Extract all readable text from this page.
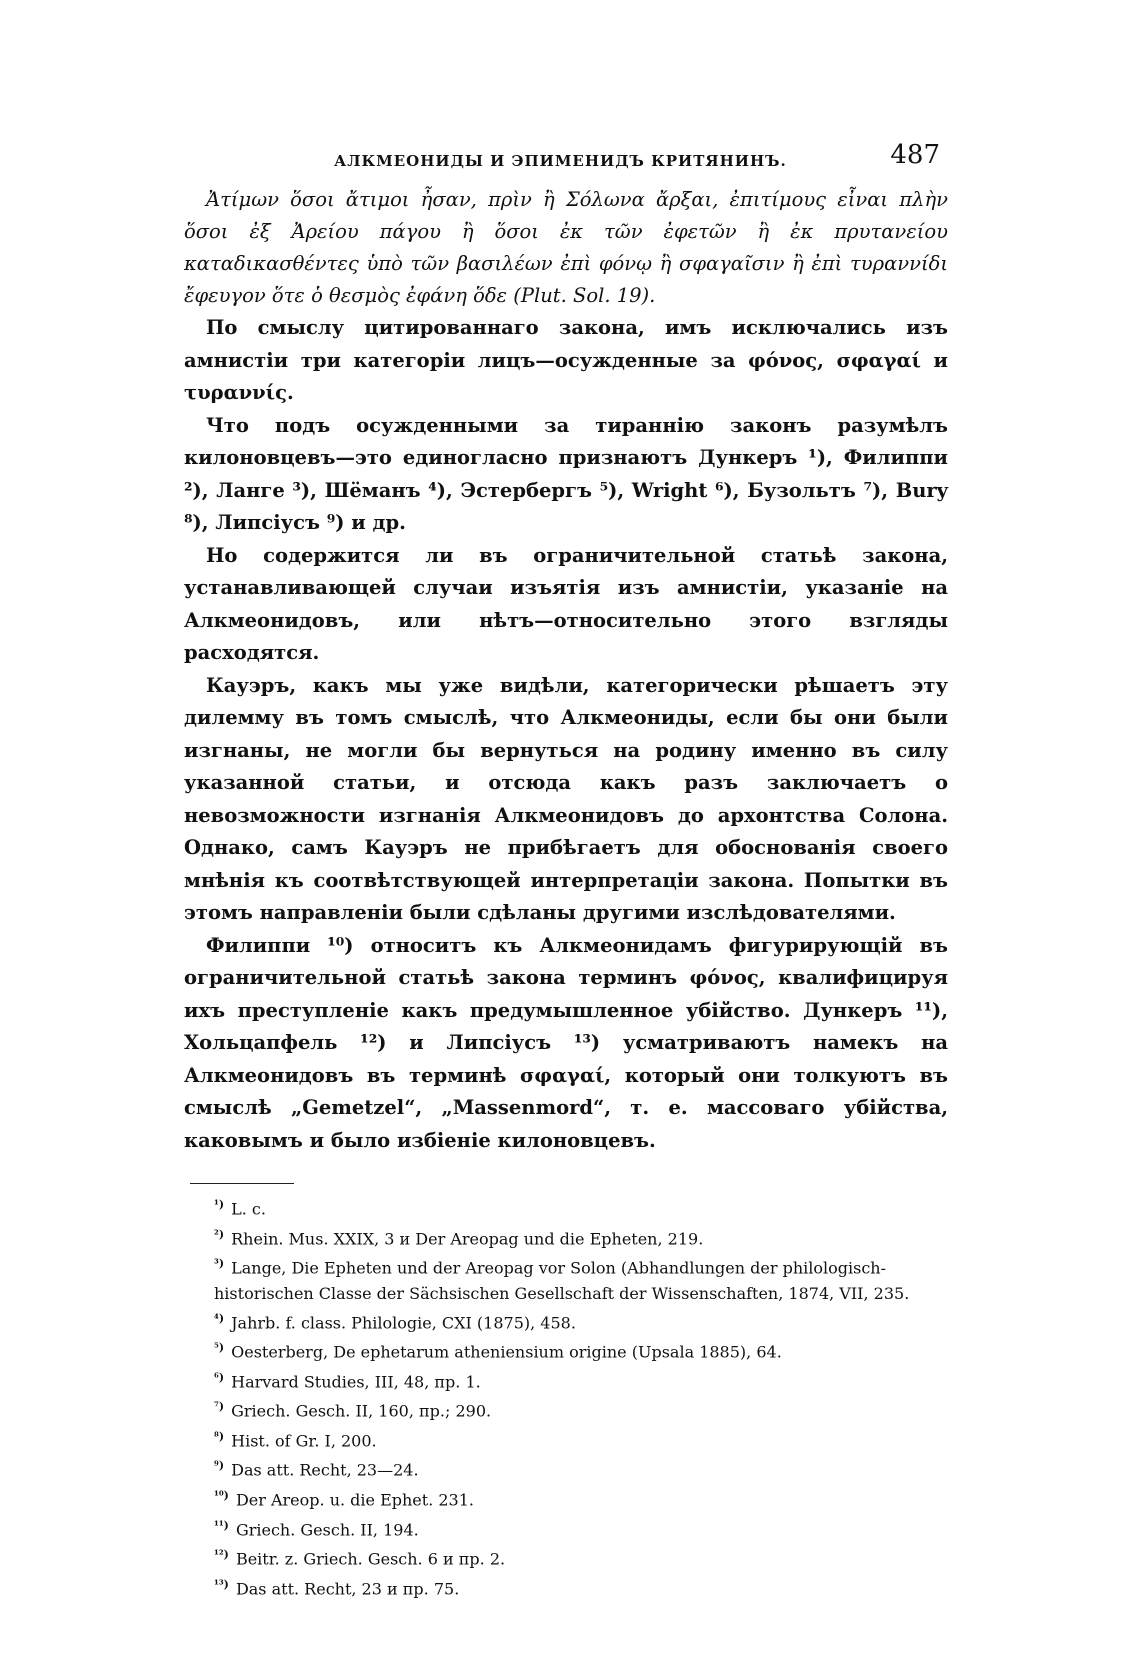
АЛКМЕОНИДЫ И ЭПИМЕНИДЪ КРИТЯНИНЪ.	487

Ἀτίμων ὅσοι ἄτιμοι ἦσαν, πρὶν ἢ Σόλωνα ἄρξαι, ἐπιτίμους εἶναι πλὴν ὅσοι ἐξ Ἀρείου πάγου ἢ ὅσοι ἐκ τῶν ἐφετῶν ἢ ἐκ πρυτανείου καταδικασθέντες ὑπὸ τῶν βασιλέων ἐπὶ φόνῳ ἢ σφαγαῖσιν ἢ ἐπὶ τυραννίδι ἔφευγον ὅτε ὁ θεσμὸς ἐφάνη ὅδε (Plut. Sol. 19).

По смыслу цитированнаго закона, имъ исключались изъ амнистіи три категоріи лицъ—осужденные за φόνος, σφαγαί и τυραννίς.

Что подъ осужденными за тираннію законъ разумѣлъ килоновцевъ—это единогласно признаютъ Дункеръ ¹), Филиппи ²), Ланге ³), Шёманъ ⁴), Эстербергъ ⁵), Wright ⁶), Бузольтъ ⁷), Bury ⁸), Липсіусъ ⁹) и др.

Но содержится ли въ ограничительной статьѣ закона, устанавливающей случаи изъятія изъ амнистіи, указаніе на Алкмеонидовъ, или нѣтъ—относительно этого взгляды расходятся.

Кауэръ, какъ мы уже видѣли, категорически рѣшаетъ эту дилемму въ томъ смыслѣ, что Алкмеониды, если бы они были изгнаны, не могли бы вернуться на родину именно въ силу указанной статьи, и отсюда какъ разъ заключаетъ о невозможности изгнанія Алкмеонидовъ до архонтства Солона. Однако, самъ Кауэръ не прибѣгаетъ для обоснованія своего мнѣнія къ соотвѣтствующей интерпретаціи закона. Попытки въ этомъ направленіи были сдѣланы другими изслѣдователями.

Филиппи ¹⁰) относитъ къ Алкмеонидамъ фигурирующій въ ограничительной статьѣ закона терминъ φόνος, квалифицируя ихъ преступленіе какъ предумышленное убійство. Дункеръ ¹¹), Хольцапфель ¹²) и Липсіусъ ¹³) усматриваютъ намекъ на Алкмеонидовъ въ терминѣ σφαγαί, который они толкуютъ въ смыслѣ „Gemetzel“, „Massenmord“, т. е. массоваго убійства, каковымъ и было избіеніе килоновцевъ.

$^{^1)}$ L. c.
$^{^2)}$ Rhein. Mus. XXIX, 3 и Der Areopag und die Epheten, 219.
$^{^3)}$ Lange, Die Epheten und der Areopag vor Solon (Abhandlungen der philologisch-historischen Classe der Sächsischen Gesellschaft der Wissenschaften, 1874, VII, 235.
$^{^4)}$ Jahrb. f. class. Philologie, CXI (1875), 458.
$^{^5)}$ Oesterberg, De ephetarum atheniensium origine (Upsala 1885), 64.
$^{^6)}$ Harvard Studies, III, 48, пр. 1.
$^{^7)}$ Griech. Gesch. II, 160, пр.; 290.
$^{^8)}$ Hist. of Gr. I, 200.
$^{^9)}$ Das att. Recht, 23—24.
$^{^{10})}$ Der Areop. u. die Ephet. 231.
$^{^{11})}$ Griech. Gesch. II, 194.
$^{^{12})}$ Beitr. z. Griech. Gesch. 6 и пр. 2.
$^{^{13})}$ Das att. Recht, 23 и пр. 75.
